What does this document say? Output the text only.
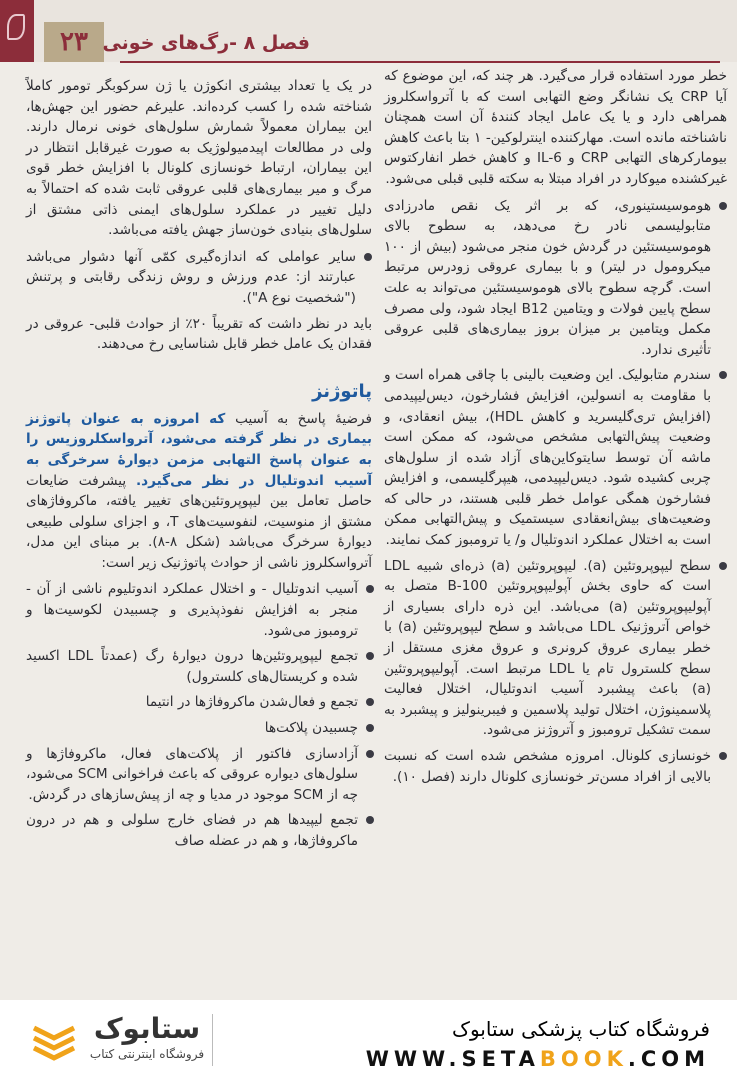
۲۳ فصل ۸ -رگ‌های خونی

خطر مورد استفاده قرار می‌گیرد. هر چند که، این موضوع که آیا CRP یک نشانگر وضع التهابی است که با آترواسکلروز همراهی دارد و یا یک عامل ایجاد کنندهٔ آن است همچنان ناشناخته مانده است. مهارکننده اینترلوکین- ۱ بتا باعث کاهش بیومارکرهای التهابی CRP و IL-6 و کاهش خطر انفارکتوس غیرکشنده میوکارد در افراد مبتلا به سکته قلبی قبلی می‌شود.

هوموسیستینوری، که بر اثر یک نقص مادرزادی متابولیسمی نادر رخ می‌دهد، به سطوح بالای هوموسیستئین در گردش خون منجر می‌شود (بیش از ۱۰۰ میکرومول در لیتر) و با بیماری عروقی زودرس مرتبط است. گرچه سطوح بالای هوموسیستئین می‌تواند به علت سطح پایین فولات و ویتامین B12 ایجاد شود، ولی مصرف مکمل ویتامین بر میزان بروز بیماری‌های قلبی عروقی تأثیری ندارد.
سندرم متابولیک. این وضعیت بالینی با چاقی همراه است و با مقاومت به انسولین، افزایش فشارخون، دیس‌لیپیدمی (افزایش تری‌گلیسرید و کاهش HDL)، بیش انعقادی، و وضعیت پیش‌التهابی مشخص می‌شود، که ممکن است ماشه آن توسط سایتوکاین‌های آزاد شده از سلول‌های چربی کشیده شود. دیس‌لیپیدمی، هیپرگلیسمی، و افزایش فشارخون همگی عوامل خطر قلبی هستند، در حالی که وضعیت‌های بیش‌انعقادی سیستمیک و پیش‌التهابی ممکن است به اختلال عملکرد اندوتلیال و/ یا ترومبوز کمک نمایند.
سطح لیپوپروتئین (a). لیپوپروتئین (a) ذره‌ای شبیه LDL است که حاوی بخش آپولیپوپروتئین B-100 متصل به آپولیپوپروتئین (a) می‌باشد. این ذره دارای بسیاری از خواص آتروژنیک LDL می‌باشد و سطح لیپوپروتئین (a) با خطر بیماری عروق کرونری و عروق مغزی مستقل از سطح کلسترول تام یا LDL مرتبط است. آپولیپوپروتئین (a) باعث پیشبرد آسیب اندوتلیال، اختلال فعالیت پلاسمینوژن، اختلال تولید پلاسمین و فیبرینولیز و پیشبرد به سمت تشکیل ترومبوز و آتروژنز می‌شود.
خونسازی کلونال. امروزه مشخص شده است که نسبت بالایی از افراد مسن‌تر خونسازی کلونال دارند (فصل ۱۰).

در یک یا تعداد بیشتری انکوژن یا ژن سرکوبگر تومور کاملاً شناخته شده را کسب کرده‌اند. علیرغم حضور این جهش‌ها، این بیماران معمولاً شمارش سلول‌های خونی نرمال دارند. ولی در مطالعات اپیدمیولوژیک به صورت غیرقابل انتظار در این بیماران، ارتباط خونسازی کلونال با افزایش خطر قوی مرگ و میر بیماری‌های قلبی عروقی ثابت شده که احتمالاً به دلیل تغییر در عملکرد سلول‌های ایمنی ذاتی مشتق از سلول‌های بنیادی خون‌ساز جهش یافته می‌باشد.

سایر عواملی که اندازه‌گیری کمّی آنها دشوار می‌باشد عبارتند از: عدم ورزش و روش زندگی رقابتی و پرتنش ("شخصیت نوع A").

باید در نظر داشت که تقریباً ۲۰٪ از حوادث قلبی- عروقی در فقدان یک عامل خطر قابل شناسایی رخ می‌دهند.

پاتوژنز

فرضیهٔ پاسخ به آسیب که امروزه به عنوان پاتوژنز بیماری در نظر گرفته می‌شود، آترواسکلروزیس را به عنوان پاسخ التهابی مزمن دیوارهٔ سرخرگی به آسیب اندوتلیال در نظر می‌گیرد. پیشرفت ضایعات حاصل تعامل بین لیپوپروتئین‌های تغییر یافته، ماکروفاژهای مشتق از منوسیت، لنفوسیت‌های T، و اجزای سلولی طبیعی دیوارهٔ سرخرگ می‌باشد (شکل ۸-۸). بر مبنای این مدل، آترواسکلروز ناشی از حوادث پاتوژنیک زیر است:

آسیب اندوتلیال - و اختلال عملکرد اندوتلیوم ناشی از آن - منجر به افزایش نفوذپذیری و چسبیدن لکوسیت‌ها و ترومبوز می‌شود.
تجمع لیپوپروتئین‌ها درون دیوارهٔ رگ (عمدتاً LDL اکسید شده و کریستال‌های کلسترول)
تجمع و فعال‌شدن ماکروفاژها در انتیما
چسبیدن پلاکت‌ها
آزادسازی فاکتور از پلاکت‌های فعال، ماکروفاژها و سلول‌های دیواره عروقی که باعث فراخوانی SCM می‌شود، چه از SCM موجود در مدیا و چه از پیش‌سازهای در گردش.
تجمع لیپیدها هم در فضای خارج سلولی و هم در درون ماکروفاژها، و هم در عضله صاف
ستابوک
فروشگاه اینترنتی کتاب
فروشگاه کتاب پزشکی ستابوک
WWW.SETABOOK.COM
